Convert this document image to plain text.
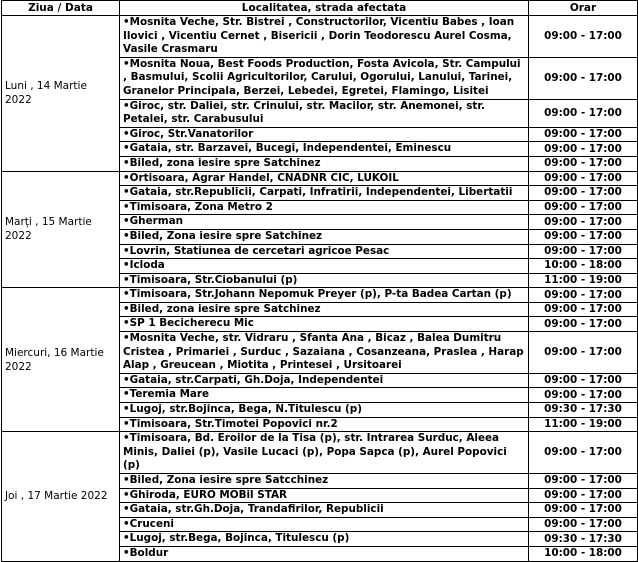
Ziua / Data	Localitatea, strada afectata	Orar
Luni , 14 Martie 2022	•Mosnita Veche, Str. Bistrei , Constructorilor, Vicentiu Babes , Ioan Ilovici , Vicentiu Cernet , Bisericii , Dorin Teodorescu Aurel Cosma, Vasile Crasmaru	09:00 - 17:00
	•Mosnita Noua, Best Foods Production, Fosta Avicola, Str. Campului , Basmului, Scolii Agricultorilor, Carului, Ogorului, Lanului, Tarinei, Granelor Principala, Berzei, Lebedei, Egretei, Flamingo, Lisitei	09:00 - 17:00
	•Giroc, str. Daliei, str. Crinului, str. Macilor, str. Anemonei, str. Petalei, str. Carabusului	09:00 - 17:00
	•Giroc, Str.Vanatorilor	09:00 - 17:00
	•Gataia, str. Barzavei, Bucegi, Independentei, Eminescu	09:00 - 17:00
	•Biled, zona iesire spre Satchinez	09:00 - 17:00
Marți , 15 Martie 2022	•Ortisoara, Agrar Handel, CNADNR CIC, LUKOIL	09:00 - 17:00
	•Gataia, str.Republicii, Carpati, Infratirii, Independentei, Libertatii	09:00 - 17:00
	•Timisoara, Zona Metro 2	09:00 - 17:00
	•Gherman	09:00 - 17:00
	•Biled, Zona iesire spre Satchinez	09:00 - 17:00
	•Lovrin, Statiunea de cercetari agricoe Pesac	09:00 - 17:00
	•Icloda	10:00 - 18:00
	•Timisoara, Str.Ciobanului (p)	11:00 - 19:00
Miercuri, 16 Martie 2022	•Timisoara, Str.Johann Nepomuk Preyer (p), P-ta Badea Cartan (p)	09:00 - 17:00
	•Biled, zona iesire spre Satchinez	09:00 - 17:00
	•SP 1 Becicherecu Mic	09:00 - 17:00
	•Mosnita Veche, str. Vidraru , Sfanta Ana , Bicaz , Balea Dumitru Cristea , Primariei , Surduc , Sazaiana , Cosanzeana, Praslea , Harap Alap , Greucean , Miotita , Printesei , Ursitoarei	09:00 - 17:00
	•Gataia, str.Carpati, Gh.Doja, Independentei	09:00 - 17:00
	•Teremia Mare	09:00 - 17:00
	•Lugoj, str.Bojinca, Bega, N.Titulescu (p)	09:30 - 17:30
	•Timisoara, Str.Timotei Popovici nr.2	11:00 - 19:00
Joi , 17 Martie 2022	•Timisoara, Bd. Eroilor de la Tisa (p), str. Intrarea Surduc, Aleea Minis, Daliei (p), Vasile Lucaci (p), Popa Sapca (p), Aurel Popovici (p)	09:00 - 17:00
	•Biled, Zona iesire spre Satcchinez	09:00 - 17:00
	•Ghiroda, EURO MOBil STAR	09:00 - 17:00
	•Gataia, str.Gh.Doja, Trandafirilor, Republicii	09:00 - 17:00
	•Cruceni	09:00 - 17:00
	•Lugoj, str.Bega, Bojinca, Titulescu (p)	09:30 - 17:30
	•Boldur	10:00 - 18:00
